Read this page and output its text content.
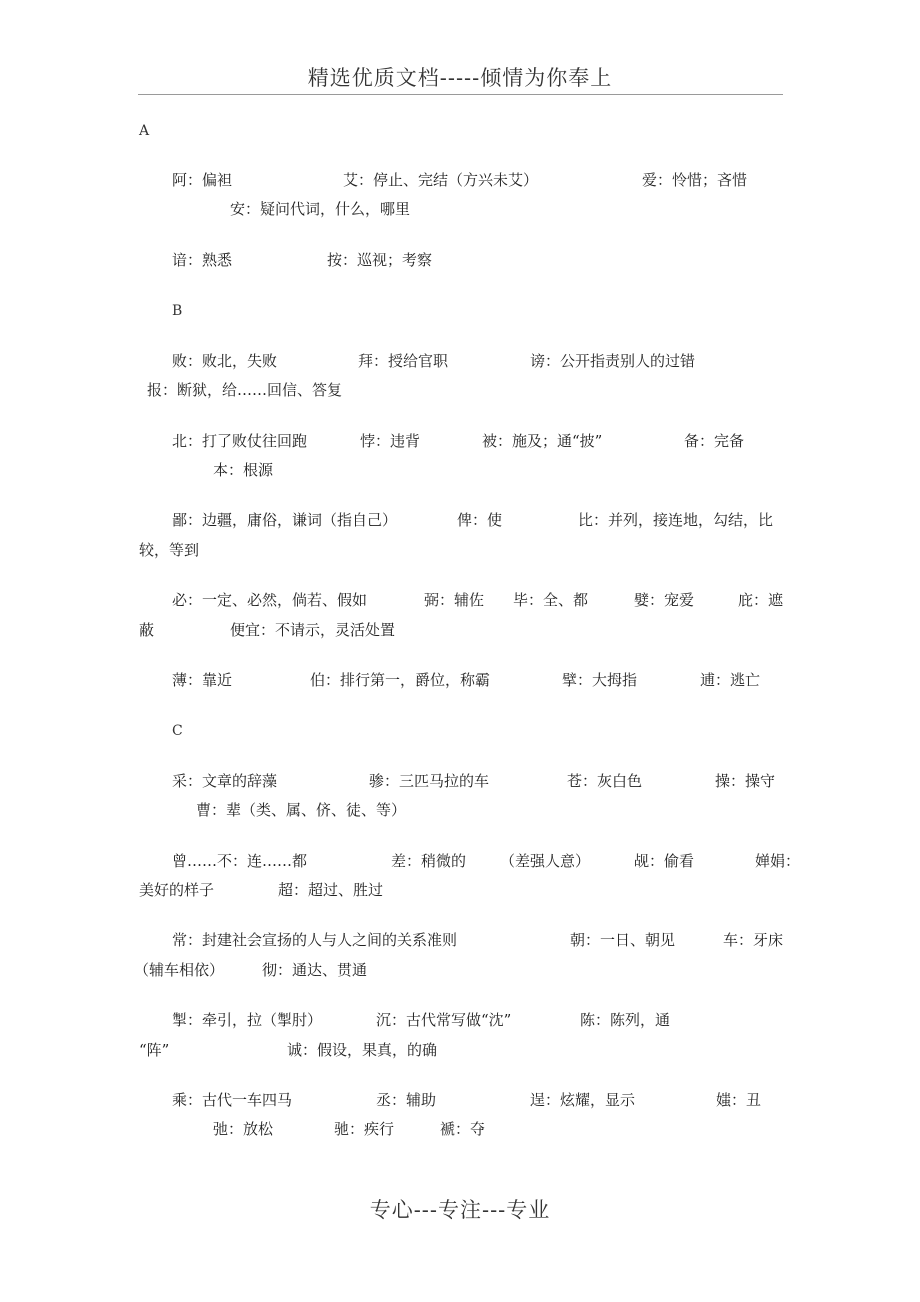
精选优质文档-----倾情为你奉上
A
阿：偏袒	艾：停止、完结（方兴未艾）	爱：怜惜；吝惜
安：疑问代词，什么，哪里
谙：熟悉	按：巡视；考察
B
败：败北，失败	拜：授给官职	谤：公开指责别人的过错
报：断狱，给……回信、答复
北：打了败仗往回跑	悖：违背	被：施及；通“披”	备：完备
本：根源
鄙：边疆，庸俗，谦词（指自己）	俾：使	比：并列，接连地，勾结，比
较，等到
必：一定、必然，倘若、假如	弼：辅佐 毕：全、都	嬖：宠爱	庇：遮
蔽	便宜：不请示，灵活处置
薄：靠近	伯：排行第一，爵位，称霸	擘：大拇指	逋：逃亡
C
采：文章的辞藻	骖：三匹马拉的车	苍：灰白色	操：操守
曹：辈（类、属、侪、徒、等）
曾……不：连……都	差：稍微的 （差强人意）	觇：偷看	婵娟：
美好的样子	超：超过、胜过
常：封建社会宣扬的人与人之间的关系准则	朝：一日、朝见	车：牙床
（辅车相依）	彻：通达、贯通
掣：牵引，拉（掣肘）	沉：古代常写做“沈”	陈：陈列，通
“阵”	诚：假设，果真，的确
乘：古代一车四马	丞：辅助	逞：炫耀，显示	媸：丑
弛：放松	驰：疾行	褫：夺
专心---专注---专业
